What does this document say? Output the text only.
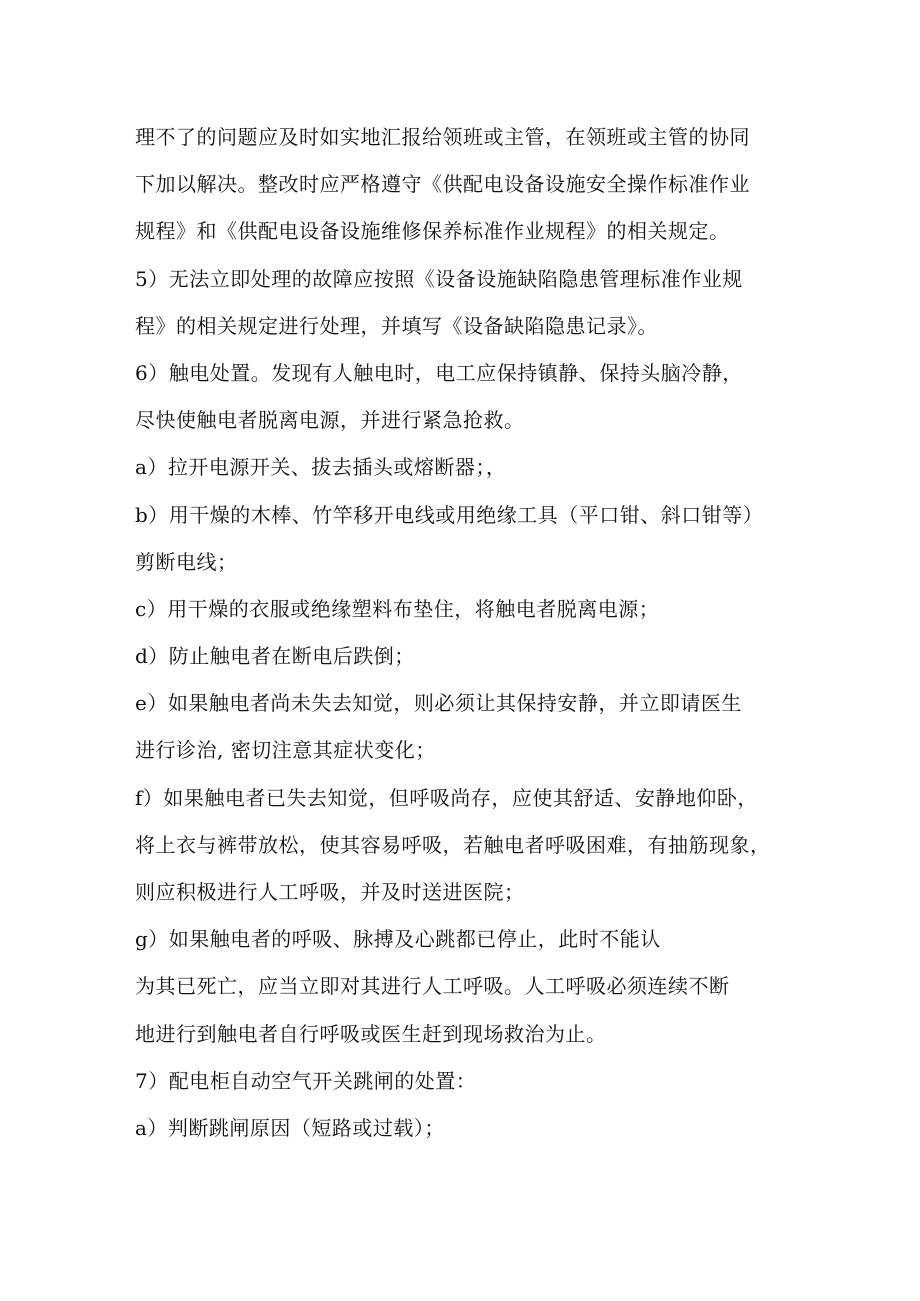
理不了的问题应及时如实地汇报给领班或主管，在领班或主管的协同
下加以解决。整改时应严格遵守《供配电设备设施安全操作标准作业
规程》和《供配电设备设施维修保养标准作业规程》的相关规定。
5）无法立即处理的故障应按照《设备设施缺陷隐患管理标准作业规
程》的相关规定进行处理，并填写《设备缺陷隐患记录》。
6）触电处置。发现有人触电时，电工应保持镇静、保持头脑冷静，
尽快使触电者脱离电源，并进行紧急抢救。
a）拉开电源开关、拔去插头或熔断器；，
b）用干燥的木棒、竹竿移开电线或用绝缘工具（平口钳、斜口钳等）
剪断电线；
c）用干燥的衣服或绝缘塑料布垫住，将触电者脱离电源；
d）防止触电者在断电后跌倒；
e）如果触电者尚未失去知觉，则必须让其保持安静，并立即请医生
进行诊治, 密切注意其症状变化；
f）如果触电者已失去知觉，但呼吸尚存，应使其舒适、安静地仰卧，
将上衣与裤带放松，使其容易呼吸，若触电者呼吸困难，有抽筋现象，
则应积极进行人工呼吸，并及时送进医院；
g）如果触电者的呼吸、脉搏及心跳都已停止，此时不能认
为其已死亡，应当立即对其进行人工呼吸。人工呼吸必须连续不断
地进行到触电者自行呼吸或医生赶到现场救治为止。
7）配电柜自动空气开关跳闸的处置：
a）判断跳闸原因（短路或过载）；
